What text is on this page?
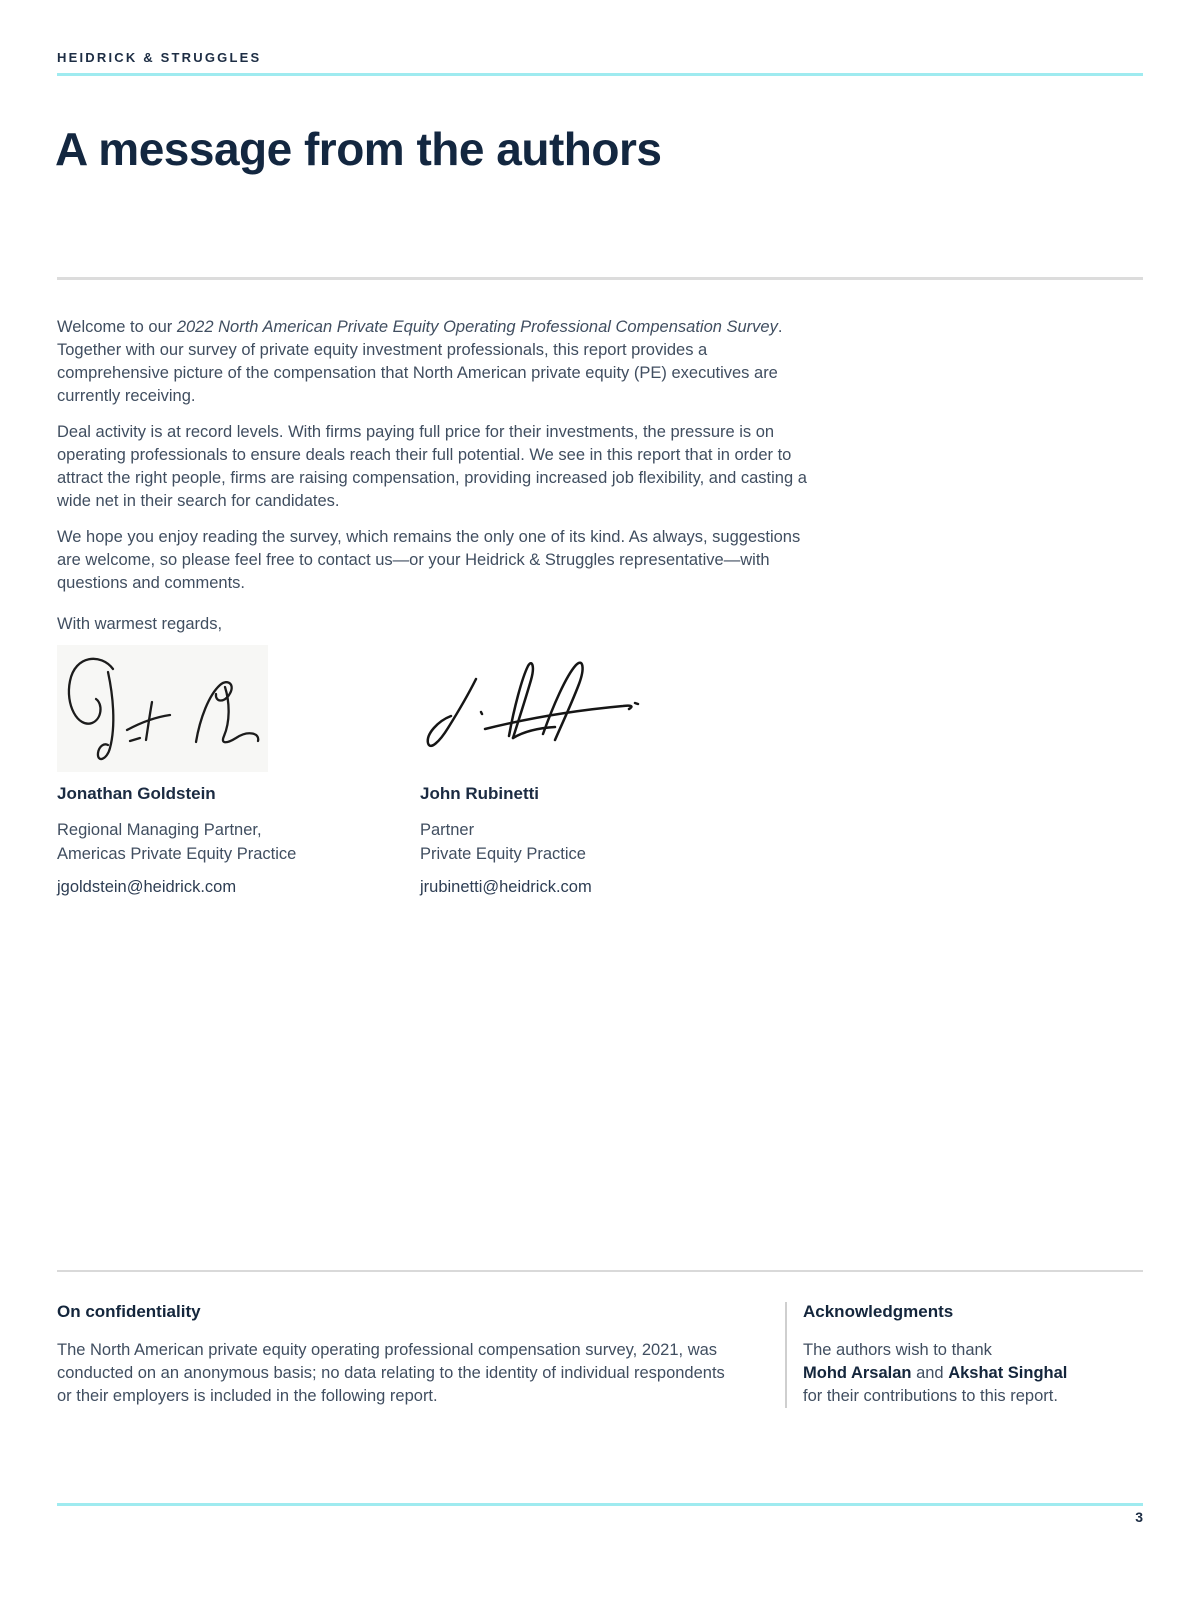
HEIDRICK & STRUGGLES
A message from the authors

Welcome to our 2022 North American Private Equity Operating Professional Compensation Survey. Together with our survey of private equity investment professionals, this report provides a comprehensive picture of the compensation that North American private equity (PE) executives are currently receiving.

Deal activity is at record levels. With firms paying full price for their investments, the pressure is on operating professionals to ensure deals reach their full potential. We see in this report that in order to attract the right people, firms are raising compensation, providing increased job flexibility, and casting a wide net in their search for candidates.

We hope you enjoy reading the survey, which remains the only one of its kind. As always, suggestions are welcome, so please feel free to contact us—or your Heidrick & Struggles representative—with questions and comments.

With warmest regards,

Jonathan Goldstein

Regional Managing Partner,
Americas Private Equity Practice
jgoldstein@heidrick.com

John Rubinetti

Partner
Private Equity Practice
jrubinetti@heidrick.com

On confidentiality

The North American private equity operating professional compensation survey, 2021, was conducted on an anonymous basis; no data relating to the identity of individual respondents or their employers is included in the following report.

Acknowledgments

The authors wish to thank
Mohd Arsalan and Akshat Singhal
for their contributions to this report.

3
